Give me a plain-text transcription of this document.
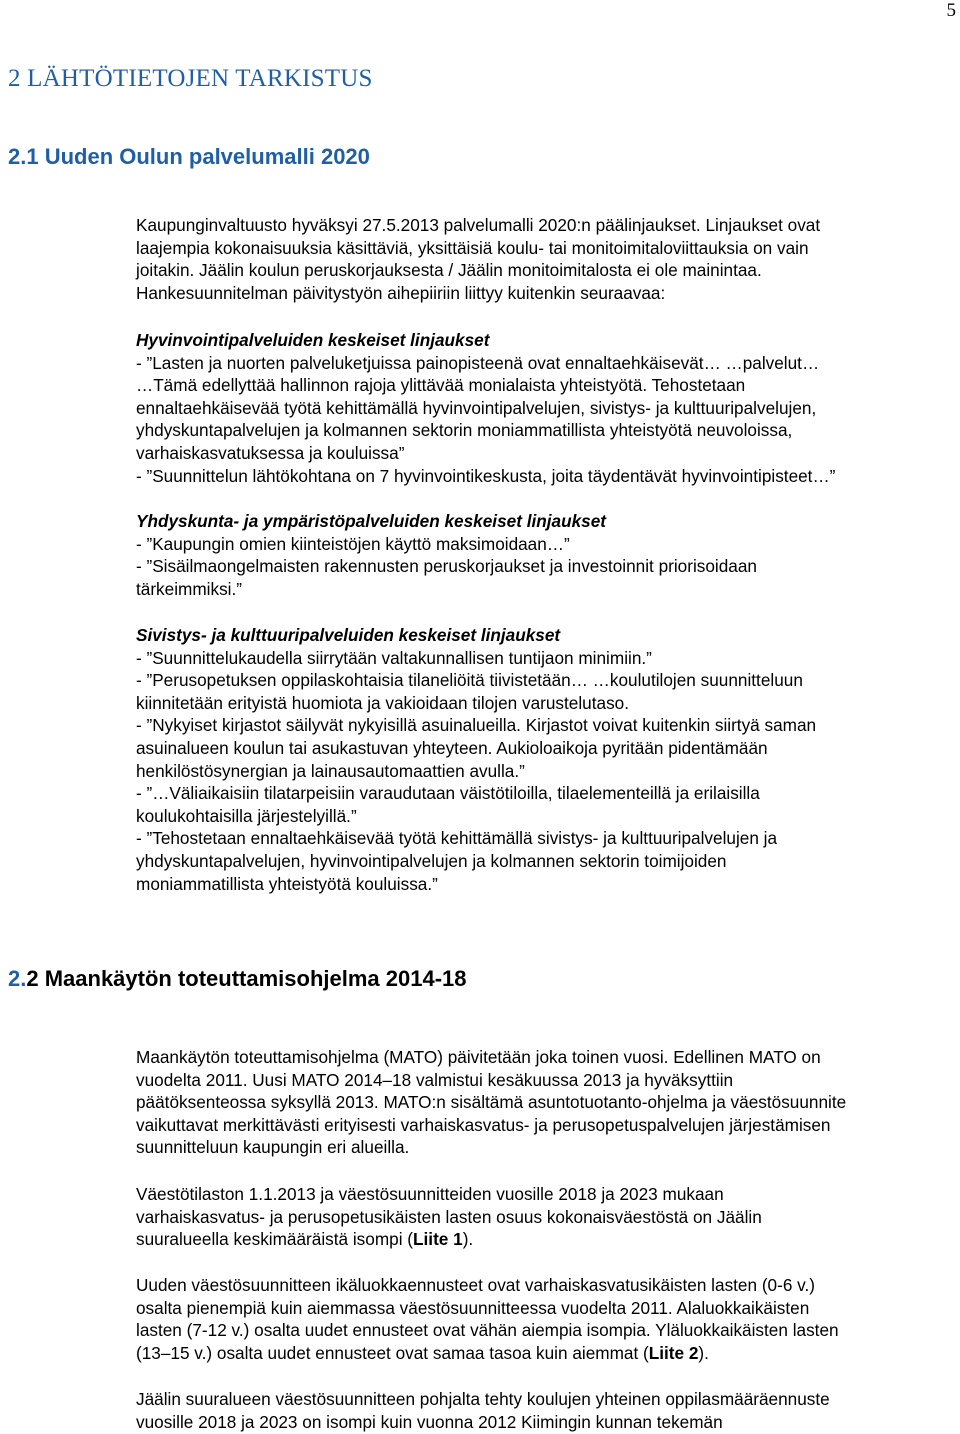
5
2 LÄHTÖTIETOJEN TARKISTUS
2.1 Uuden Oulun palvelumalli 2020
Kaupunginvaltuusto hyväksyi 27.5.2013 palvelumalli 2020:n päälinjaukset. Linjaukset ovat
laajempia kokonaisuuksia käsittäviä, yksittäisiä koulu- tai monitoimitaloviittauksia on vain
joitakin. Jäälin koulun peruskorjauksesta / Jäälin monitoimitalosta ei ole mainintaa.
Hankesuunnitelman päivitystyön aihepiiriin liittyy kuitenkin seuraavaa:
Hyvinvointipalveluiden keskeiset linjaukset
- ”Lasten ja nuorten palveluketjuissa painopisteenä ovat ennaltaehkäisevät… …palvelut…
…Tämä edellyttää hallinnon rajoja ylittävää monialaista yhteistyötä. Tehostetaan
ennaltaehkäisevää työtä kehittämällä hyvinvointipalvelujen, sivistys- ja kulttuuripalvelujen,
yhdyskuntapalvelujen ja kolmannen sektorin moniammatillista yhteistyötä neuvoloissa,
varhaiskasvatuksessa ja kouluissa”
- ”Suunnittelun lähtökohtana on 7 hyvinvointikeskusta, joita täydentävät hyvinvointipisteet…”
Yhdyskunta- ja ympäristöpalveluiden keskeiset linjaukset
- ”Kaupungin omien kiinteistöjen käyttö maksimoidaan…”
- ”Sisäilmaongelmaisten rakennusten peruskorjaukset ja investoinnit priorisoidaan
tärkeimmiksi.”
Sivistys- ja kulttuuripalveluiden keskeiset linjaukset
- ”Suunnittelukaudella siirrytään valtakunnallisen tuntijaon minimiin.”
- ”Perusopetuksen oppilaskohtaisia tilaneliöitä tiivistetään… …koulutilojen suunnitteluun
kiinnitetään erityistä huomiota ja vakioidaan tilojen varustelutaso.
- ”Nykyiset kirjastot säilyvät nykyisillä asuinalueilla. Kirjastot voivat kuitenkin siirtyä saman
asuinalueen koulun tai asukastuvan yhteyteen. Aukioloaikoja pyritään pidentämään
henkilöstösynergian ja lainausautomaattien avulla.”
- ”…Väliaikaisiin tilatarpeisiin varaudutaan väistötiloilla, tilaelementeillä ja erilaisilla
koulukohtaisilla järjestelyillä.”
- ”Tehostetaan ennaltaehkäisevää työtä kehittämällä sivistys- ja kulttuuripalvelujen ja
yhdyskuntapalvelujen, hyvinvointipalvelujen ja kolmannen sektorin toimijoiden
moniammatillista yhteistyötä kouluissa.”
2.2 Maankäytön toteuttamisohjelma 2014-18
Maankäytön toteuttamisohjelma (MATO) päivitetään joka toinen vuosi. Edellinen MATO on
vuodelta 2011. Uusi MATO 2014–18 valmistui kesäkuussa 2013 ja hyväksyttiin
päätöksenteossa syksyllä 2013. MATO:n sisältämä asuntotuotanto-ohjelma ja väestösuunnite
vaikuttavat merkittävästi erityisesti varhaiskasvatus- ja perusopetuspalvelujen järjestämisen
suunnitteluun kaupungin eri alueilla.
Väestötilaston 1.1.2013 ja väestösuunnitteiden vuosille 2018 ja 2023 mukaan
varhaiskasvatus- ja perusopetusikäisten lasten osuus kokonaisväestöstä on Jäälin
suuralueella keskimääräistä isompi (Liite 1).
Uuden väestösuunnitteen ikäluokkaennusteet ovat varhaiskasvatusikäisten lasten (0-6 v.)
osalta pienempiä kuin aiemmassa väestösuunnitteessa vuodelta 2011. Alaluokkaikäisten
lasten (7-12 v.) osalta uudet ennusteet ovat vähän aiempia isompia. Yläluokkaikäisten lasten
(13–15 v.) osalta uudet ennusteet ovat samaa tasoa kuin aiemmat (Liite 2).
Jäälin suuralueen väestösuunnitteen pohjalta tehty koulujen yhteinen oppilasmääräennuste
vuosille 2018 ja 2023 on isompi kuin vuonna 2012 Kiimingin kunnan tekemän
